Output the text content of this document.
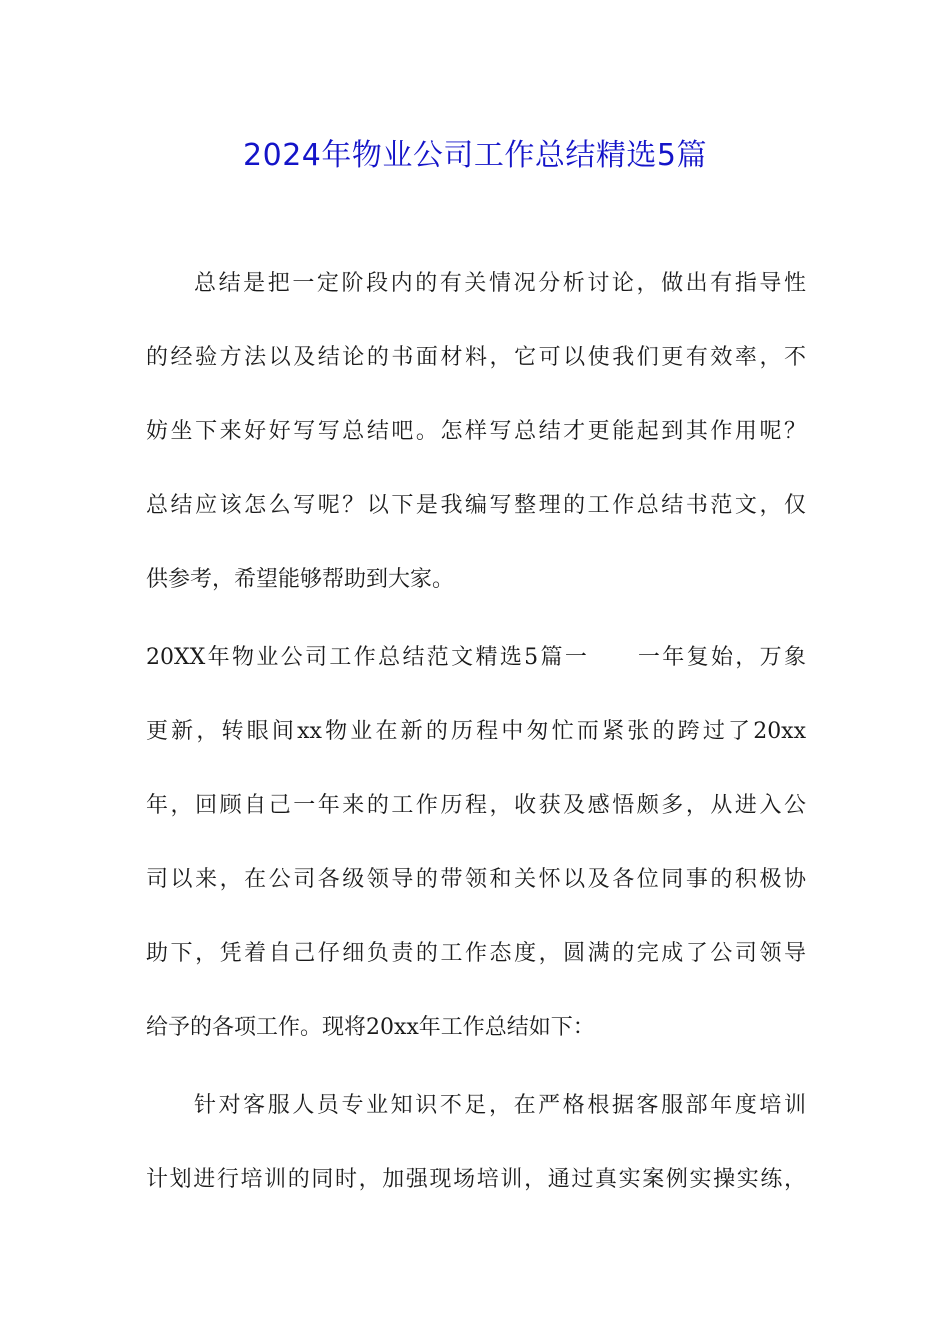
2024年物业公司工作总结精选5篇
总结是把一定阶段内的有关情况分析讨论，做出有指导性
的经验方法以及结论的书面材料，它可以使我们更有效率，不
妨坐下来好好写写总结吧。怎样写总结才更能起到其作用呢？
总结应该怎么写呢？以下是我编写整理的工作总结书范文，仅
供参考，希望能够帮助到大家。
20XX年物业公司工作总结范文精选5篇一　　一年复始，万象
更新，转眼间xx物业在新的历程中匆忙而紧张的跨过了20xx
年，回顾自己一年来的工作历程，收获及感悟颇多，从进入公
司以来，在公司各级领导的带领和关怀以及各位同事的积极协
助下，凭着自己仔细负责的工作态度，圆满的完成了公司领导
给予的各项工作。现将20xx年工作总结如下：
针对客服人员专业知识不足，在严格根据客服部年度培训
计划进行培训的同时，加强现场培训，通过真实案例实操实练，
